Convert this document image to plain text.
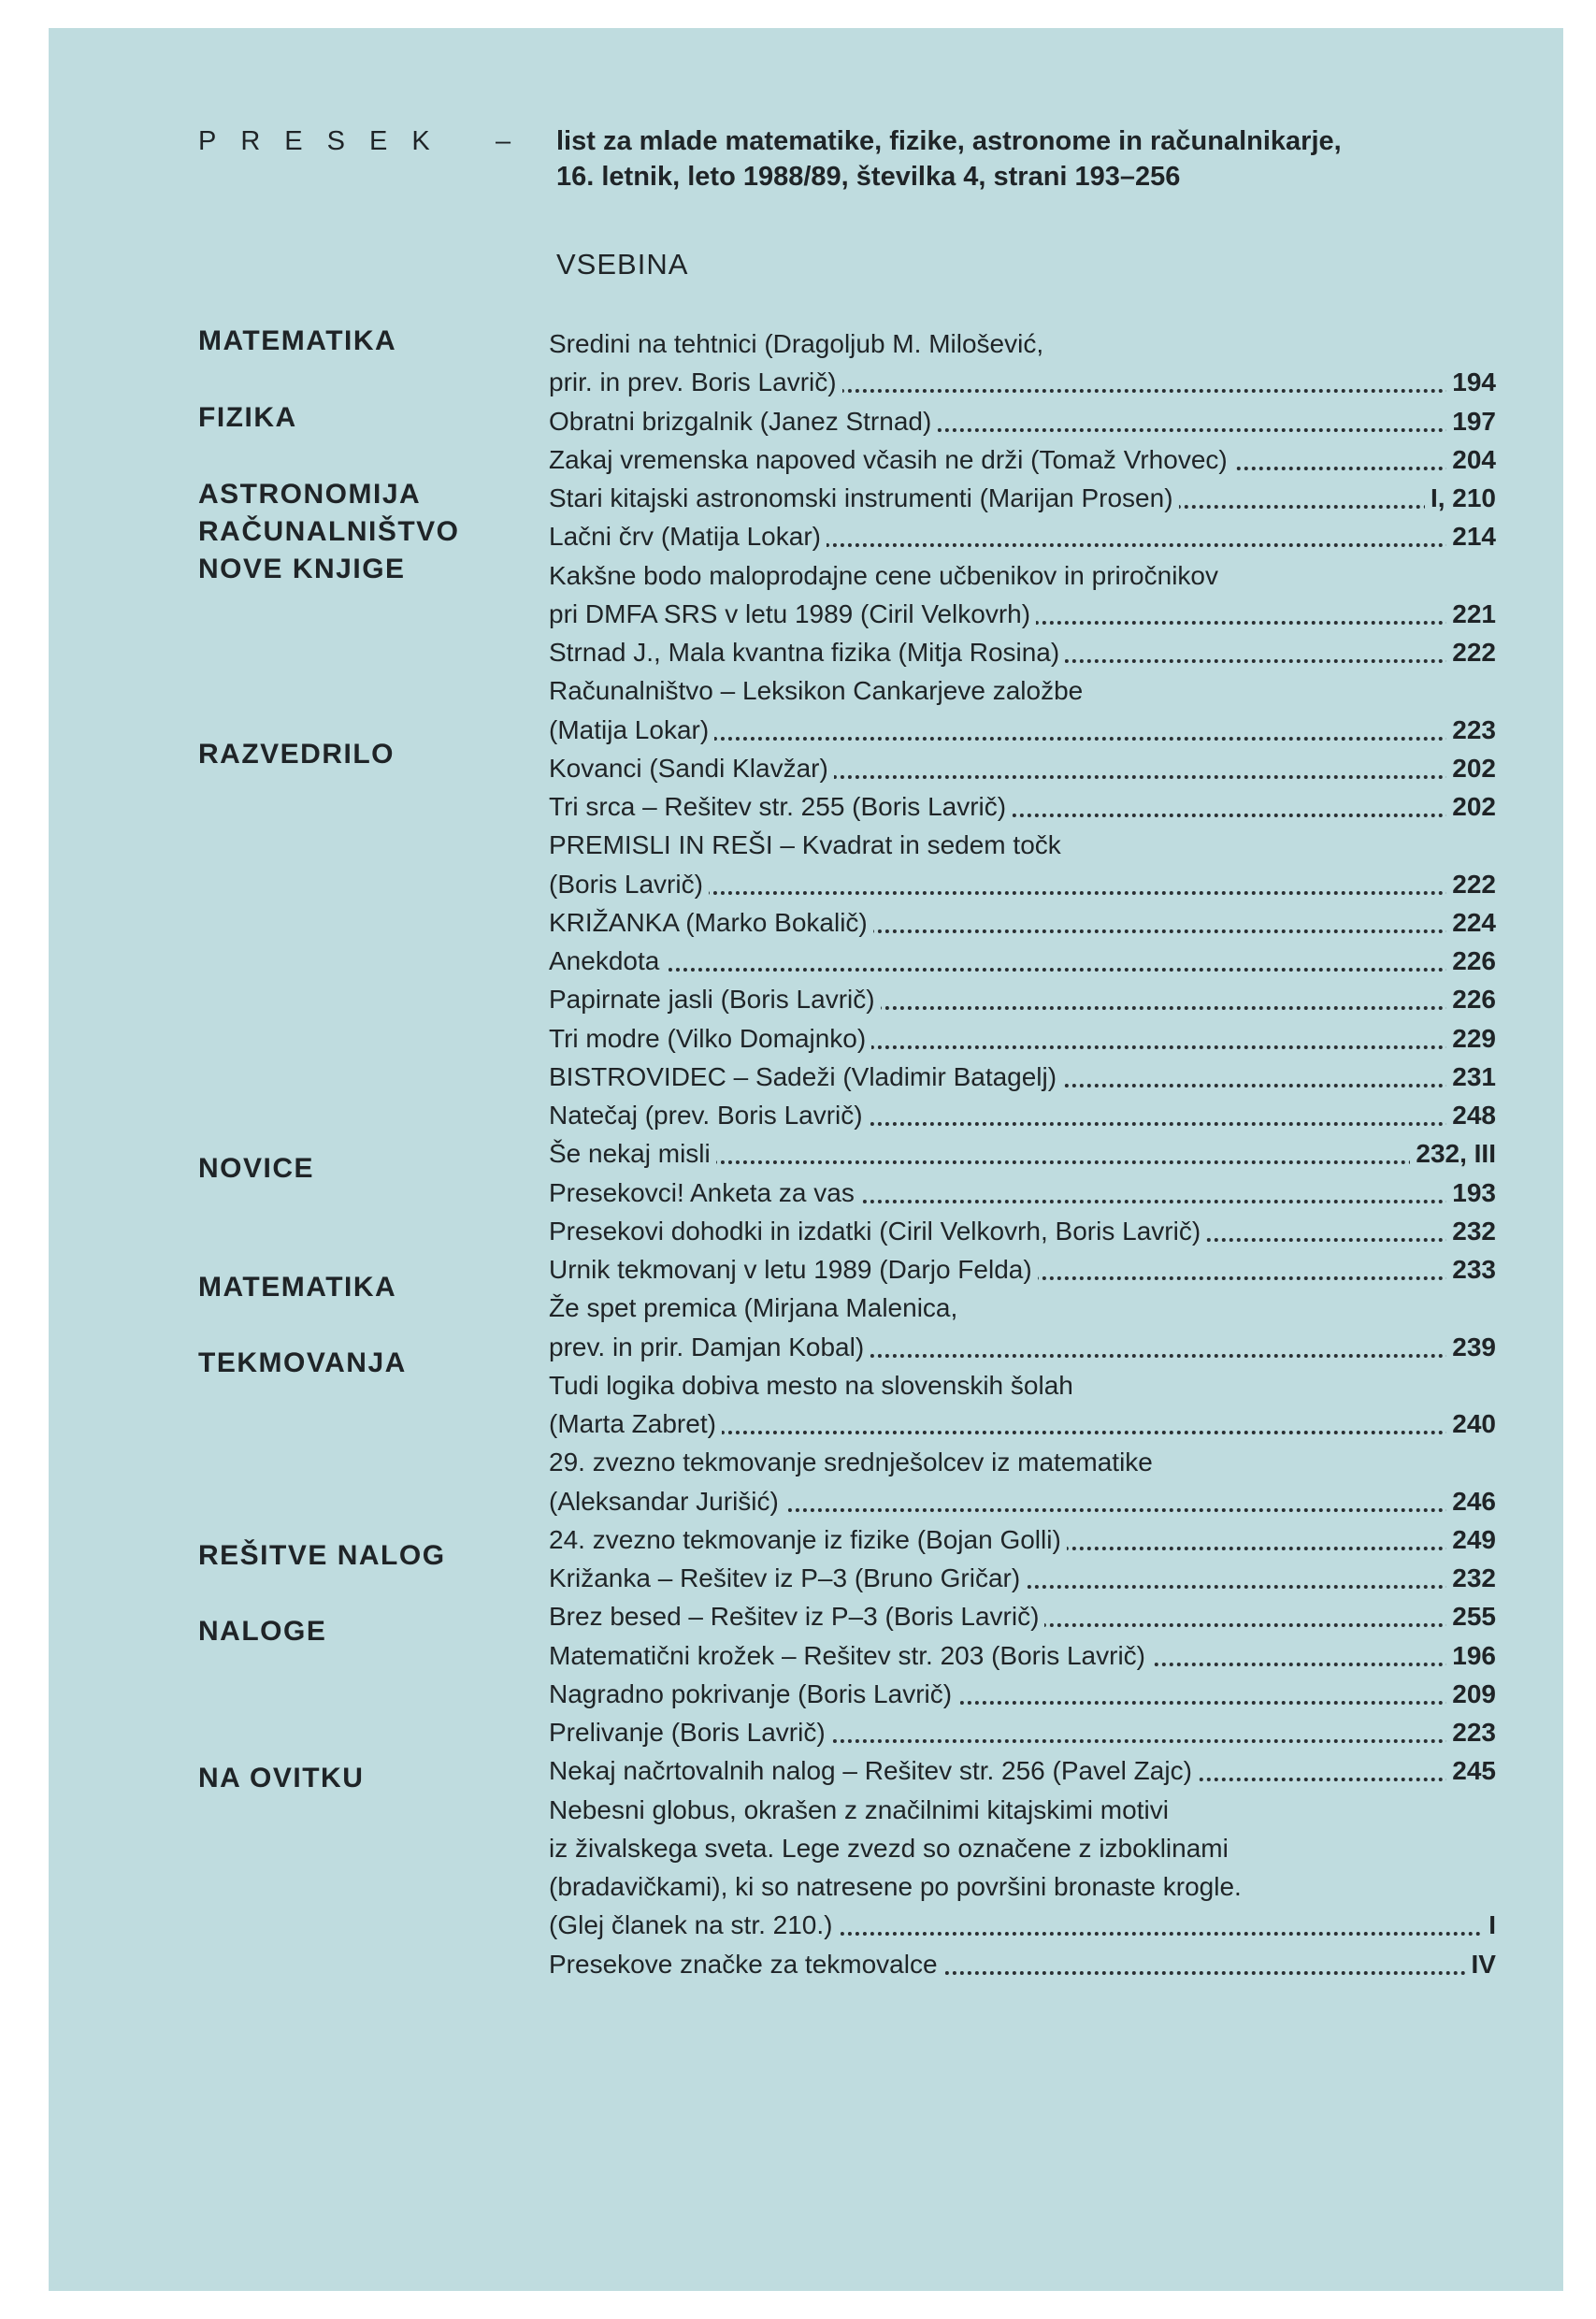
PRESEK – list za mlade matematike, fizike, astronome in računalnikarje,
16. letnik, leto 1988/89, številka 4, strani 193–256
VSEBINA
MATEMATIKA
FIZIKA
ASTRONOMIJA
RAČUNALNIŠTVO
NOVE KNJIGE
RAZVEDRILO
NOVICE
MATEMATIKA
TEKMOVANJA
REŠITVE NALOG
NALOGE
NA OVITKU
Sredini na tehtnici (Dragoljub M. Milošević,
prir. in prev. Boris Lavrič)	194
Obratni brizgalnik (Janez Strnad)	197
Zakaj vremenska napoved včasih ne drži (Tomaž Vrhovec)	204
Stari kitajski astronomski instrumenti (Marijan Prosen)	I, 210
Lačni črv (Matija Lokar)	214
Kakšne bodo maloprodajne cene učbenikov in priročnikov
pri DMFA SRS v letu 1989 (Ciril Velkovrh)	221
Strnad J., Mala kvantna fizika (Mitja Rosina)	222
Računalništvo – Leksikon Cankarjeve založbe
(Matija Lokar)	223
Kovanci (Sandi Klavžar)	202
Tri srca – Rešitev str. 255 (Boris Lavrič)	202
PREMISLI IN REŠI – Kvadrat in sedem točk
(Boris Lavrič)	222
KRIŽANKA (Marko Bokalič)	224
Anekdota	226
Papirnate jasli (Boris Lavrič)	226
Tri modre (Vilko Domajnko)	229
BISTROVIDEC – Sadeži (Vladimir Batagelj)	231
Natečaj (prev. Boris Lavrič)	248
Še nekaj misli	232, III
Presekovci! Anketa za vas	193
Presekovi dohodki in izdatki (Ciril Velkovrh, Boris Lavrič)	232
Urnik tekmovanj v letu 1989 (Darjo Felda)	233
Že spet premica (Mirjana Malenica,
prev. in prir. Damjan Kobal)	239
Tudi logika dobiva mesto na slovenskih šolah
(Marta Zabret)	240
29. zvezno tekmovanje srednješolcev iz matematike
(Aleksandar Jurišić)	246
24. zvezno tekmovanje iz fizike (Bojan Golli)	249
Križanka – Rešitev iz P–3 (Bruno Gričar)	232
Brez besed – Rešitev iz P–3 (Boris Lavrič)	255
Matematični krožek – Rešitev str. 203 (Boris Lavrič)	196
Nagradno pokrivanje (Boris Lavrič)	209
Prelivanje (Boris Lavrič)	223
Nekaj načrtovalnih nalog – Rešitev str. 256 (Pavel Zajc)	245
Nebesni globus, okrašen z značilnimi kitajskimi motivi
iz živalskega sveta. Lege zvezd so označene z izboklinami
(bradavičkami), ki so natresene po površini bronaste krogle.
(Glej članek na str. 210.)	I
Presekove značke za tekmovalce	IV
